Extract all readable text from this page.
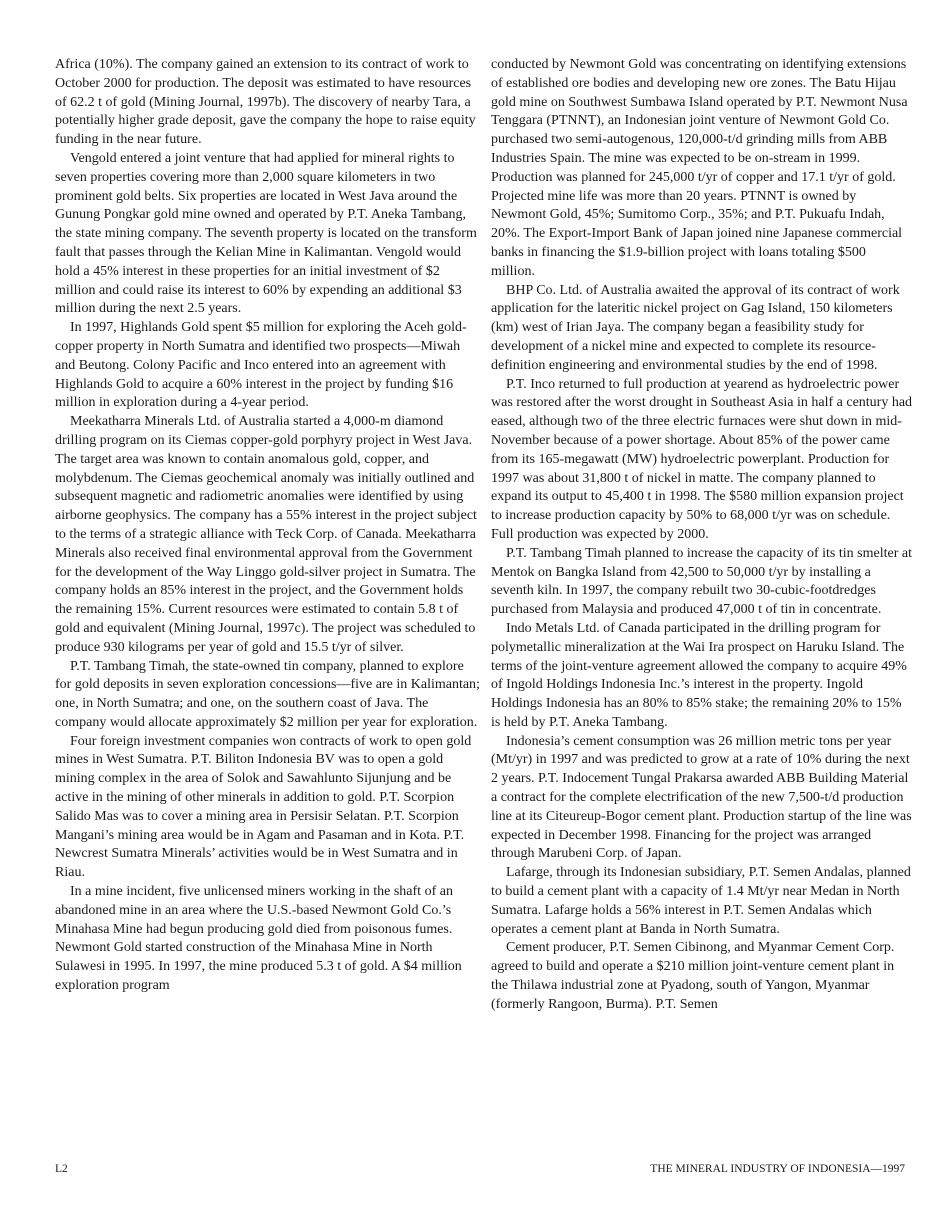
Africa (10%). The company gained an extension to its contract of work to October 2000 for production. The deposit was estimated to have resources of 62.2 t of gold (Mining Journal, 1997b). The discovery of nearby Tara, a potentially higher grade deposit, gave the company the hope to raise equity funding in the near future.

Vengold entered a joint venture that had applied for mineral rights to seven properties covering more than 2,000 square kilometers in two prominent gold belts. Six properties are located in West Java around the Gunung Pongkar gold mine owned and operated by P.T. Aneka Tambang, the state mining company. The seventh property is located on the transform fault that passes through the Kelian Mine in Kalimantan. Vengold would hold a 45% interest in these properties for an initial investment of $2 million and could raise its interest to 60% by expending an additional $3 million during the next 2.5 years.

In 1997, Highlands Gold spent $5 million for exploring the Aceh gold-copper property in North Sumatra and identified two prospects—Miwah and Beutong. Colony Pacific and Inco entered into an agreement with Highlands Gold to acquire a 60% interest in the project by funding $16 million in exploration during a 4-year period.

Meekatharra Minerals Ltd. of Australia started a 4,000-m diamond drilling program on its Ciemas copper-gold porphyry project in West Java. The target area was known to contain anomalous gold, copper, and molybdenum. The Ciemas geochemical anomaly was initially outlined and subsequent magnetic and radiometric anomalies were identified by using airborne geophysics. The company has a 55% interest in the project subject to the terms of a strategic alliance with Teck Corp. of Canada. Meekatharra Minerals also received final environmental approval from the Government for the development of the Way Linggo gold-silver project in Sumatra. The company holds an 85% interest in the project, and the Government holds the remaining 15%. Current resources were estimated to contain 5.8 t of gold and equivalent (Mining Journal, 1997c). The project was scheduled to produce 930 kilograms per year of gold and 15.5 t/yr of silver.

P.T. Tambang Timah, the state-owned tin company, planned to explore for gold deposits in seven exploration concessions—five are in Kalimantan; one, in North Sumatra; and one, on the southern coast of Java. The company would allocate approximately $2 million per year for exploration.

Four foreign investment companies won contracts of work to open gold mines in West Sumatra. P.T. Biliton Indonesia BV was to open a gold mining complex in the area of Solok and Sawahlunto Sijunjung and be active in the mining of other minerals in addition to gold. P.T. Scorpion Salido Mas was to cover a mining area in Persisir Selatan. P.T. Scorpion Mangani’s mining area would be in Agam and Pasaman and in Kota. P.T. Newcrest Sumatra Minerals’ activities would be in West Sumatra and in Riau.

In a mine incident, five unlicensed miners working in the shaft of an abandoned mine in an area where the U.S.-based Newmont Gold Co.’s Minahasa Mine had begun producing gold died from poisonous fumes. Newmont Gold started construction of the Minahasa Mine in North Sulawesi in 1995. In 1997, the mine produced 5.3 t of gold. A $4 million exploration program

conducted by Newmont Gold was concentrating on identifying extensions of established ore bodies and developing new ore zones. The Batu Hijau gold mine on Southwest Sumbawa Island operated by P.T. Newmont Nusa Tenggara (PTNNT), an Indonesian joint venture of Newmont Gold Co. purchased two semi-autogenous, 120,000-t/d grinding mills from ABB Industries Spain. The mine was expected to be on-stream in 1999. Production was planned for 245,000 t/yr of copper and 17.1 t/yr of gold. Projected mine life was more than 20 years. PTNNT is owned by Newmont Gold, 45%; Sumitomo Corp., 35%; and P.T. Pukuafu Indah, 20%. The Export-Import Bank of Japan joined nine Japanese commercial banks in financing the $1.9-billion project with loans totaling $500 million.

BHP Co. Ltd. of Australia awaited the approval of its contract of work application for the lateritic nickel project on Gag Island, 150 kilometers (km) west of Irian Jaya. The company began a feasibility study for development of a nickel mine and expected to complete its resource-definition engineering and environmental studies by the end of 1998.

P.T. Inco returned to full production at yearend as hydroelectric power was restored after the worst drought in Southeast Asia in half a century had eased, although two of the three electric furnaces were shut down in mid-November because of a power shortage. About 85% of the power came from its 165-megawatt (MW) hydroelectric powerplant. Production for 1997 was about 31,800 t of nickel in matte. The company planned to expand its output to 45,400 t in 1998. The $580 million expansion project to increase production capacity by 50% to 68,000 t/yr was on schedule. Full production was expected by 2000.

P.T. Tambang Timah planned to increase the capacity of its tin smelter at Mentok on Bangka Island from 42,500 to 50,000 t/yr by installing a seventh kiln. In 1997, the company rebuilt two 30-cubic-footdredges purchased from Malaysia and produced 47,000 t of tin in concentrate.

Indo Metals Ltd. of Canada participated in the drilling program for polymetallic mineralization at the Wai Ira prospect on Haruku Island. The terms of the joint-venture agreement allowed the company to acquire 49% of Ingold Holdings Indonesia Inc.’s interest in the property. Ingold Holdings Indonesia has an 80% to 85% stake; the remaining 20% to 15% is held by P.T. Aneka Tambang.

Indonesia’s cement consumption was 26 million metric tons per year (Mt/yr) in 1997 and was predicted to grow at a rate of 10% during the next 2 years. P.T. Indocement Tungal Prakarsa awarded ABB Building Material a contract for the complete electrification of the new 7,500-t/d production line at its Citeureup-Bogor cement plant. Production startup of the line was expected in December 1998. Financing for the project was arranged through Marubeni Corp. of Japan.

Lafarge, through its Indonesian subsidiary, P.T. Semen Andalas, planned to build a cement plant with a capacity of 1.4 Mt/yr near Medan in North Sumatra. Lafarge holds a 56% interest in P.T. Semen Andalas which operates a cement plant at Banda in North Sumatra.

Cement producer, P.T. Semen Cibinong, and Myanmar Cement Corp. agreed to build and operate a $210 million joint-venture cement plant in the Thilawa industrial zone at Pyadong, south of Yangon, Myanmar (formerly Rangoon, Burma). P.T. Semen

L2	THE MINERAL INDUSTRY OF INDONESIA—1997
